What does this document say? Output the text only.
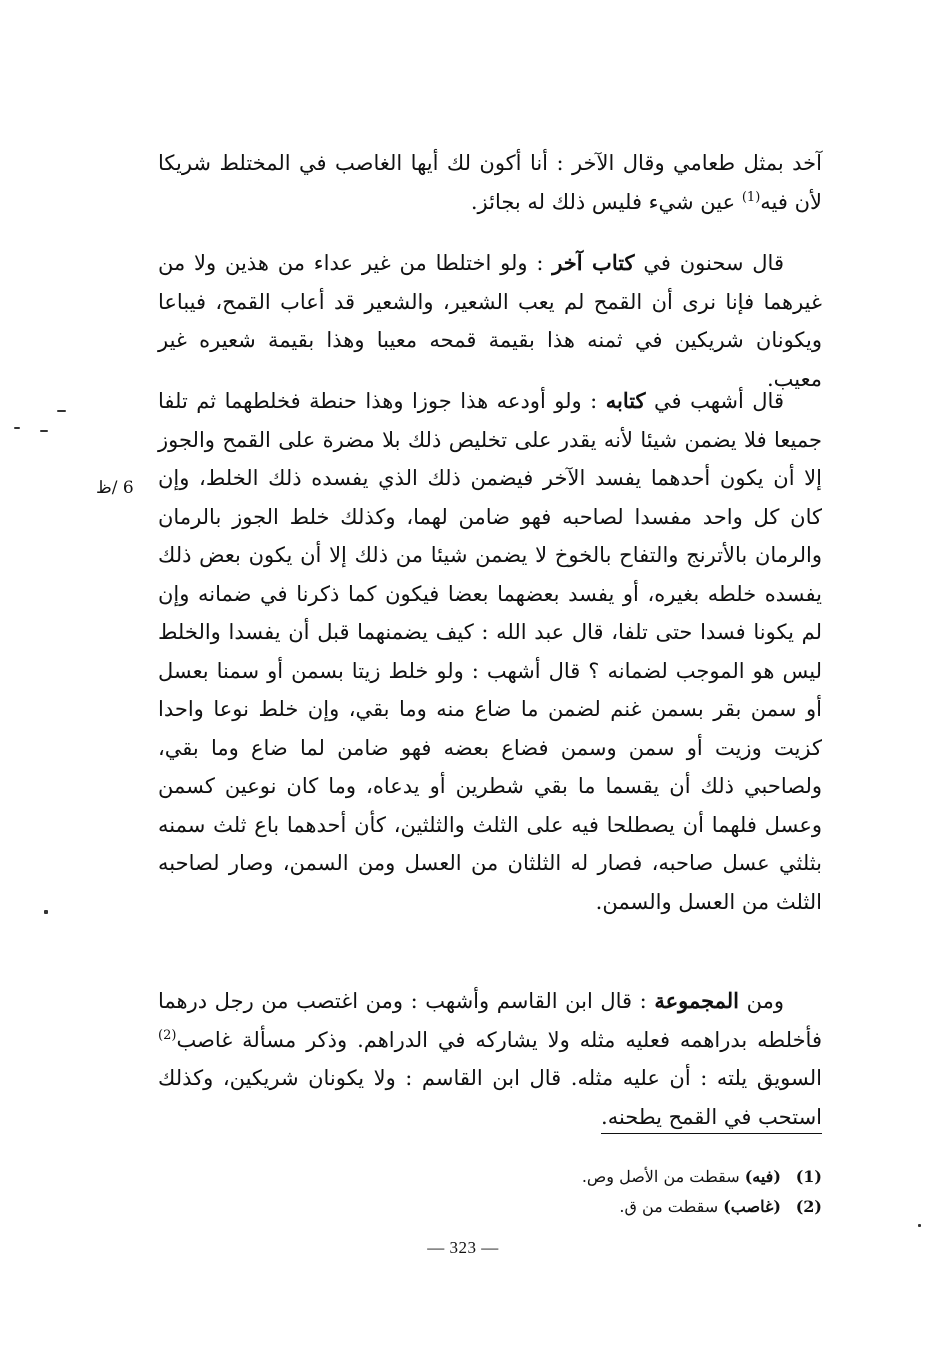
آخد بمثل طعامي وقال الآخر : أنا أكون لك أيها الغاصب في المختلط شريكا لأن فيه$^{(1)}$ عين شيء فليس ذلك له بجائز.
قال سحنون في كتاب آخر : ولو اختلطا من غير عداء من هذين ولا من غيرهما فإنا نرى أن القمح لم يعب الشعير، والشعير قد أعاب القمح، فيباعا ويكونان شريكين في ثمنه هذا بقيمة قمحه معيبا وهذا بقيمة شعيره غير معيب.
قال أشهب في كتابه : ولو أودعه هذا جوزا وهذا حنطة فخلطهما ثم تلفا جميعا فلا يضمن شيئا لأنه يقدر على تخليص ذلك بلا مضرة على القمح والجوز إلا أن يكون أحدهما يفسد الآخر فيضمن ذلك الذي يفسده ذلك الخلط، وإن كان كل واحد مفسدا لصاحبه فهو ضامن لهما، وكذلك خلط الجوز بالرمان والرمان بالأترنج والتفاح بالخوخ لا يضمن شيئا من ذلك إلا أن يكون بعض ذلك يفسده خلطه بغيره، أو يفسد بعضهما بعضا فيكون كما ذكرنا في ضمانه وإن لم يكونا فسدا حتى تلفا، قال عبد الله : كيف يضمنهما قبل أن يفسدا والخلط ليس هو الموجب لضمانه ؟ قال أشهب : ولو خلط زيتا بسمن أو سمنا بعسل أو سمن بقر بسمن غنم لضمن ما ضاع منه وما بقي، وإن خلط نوعا واحدا كزيت وزيت أو سمن وسمن فضاع بعضه فهو ضامن لما ضاع وما بقي، ولصاحبي ذلك أن يقسما ما بقي شطرين أو يدعاه، وما كان نوعين كسمن وعسل فلهما أن يصطلحا فيه على الثلث والثلثين، كأن أحدهما باع ثلث سمنه بثلثي عسل صاحبه، فصار له الثلثان من العسل ومن السمن، وصار لصاحبه الثلث من العسل والسمن.
6 /ظ
ومن المجموعة : قال ابن القاسم وأشهب : ومن اغتصب من رجل درهما فأخلطه بدراهمه فعليه مثله ولا يشاركه في الدراهم. وذكر مسألة غاصب$^{(2)}$ السويق يلته : أن عليه مثله. قال ابن القاسم : ولا يكونان شريكين، وكذلك استحب في القمح يطحنه.
(1) (فيه) سقطت من الأصل وص.
(2) (غاصب) سقطت من ق.
— 323 —
